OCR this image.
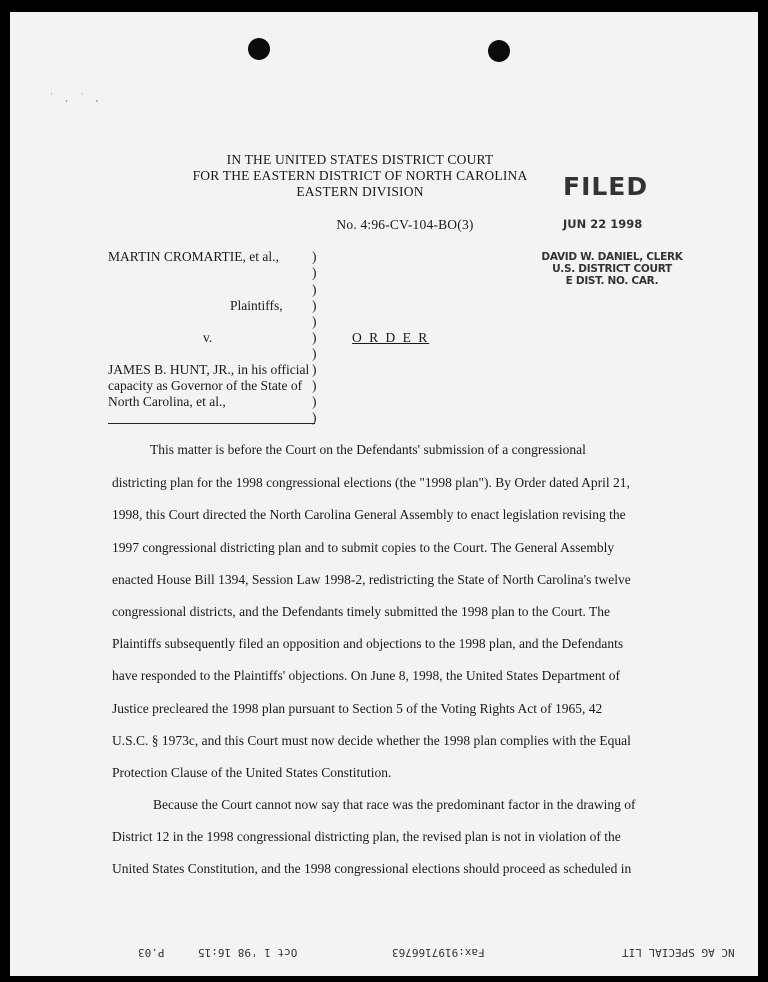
˙ ˛ ˙ ˛
IN THE UNITED STATES DISTRICT COURT
FOR THE EASTERN DISTRICT OF NORTH CAROLINA
EASTERN DIVISION
No. 4:96-CV-104-BO(3)
FILED
JUN 22 1998
DAVID W. DANIEL, CLERK
U.S. DISTRICT COURT
E DIST. NO. CAR.
MARTIN CROMARTIE, et al.,
Plaintiffs,
v.
JAMES B. HUNT, JR., in his official
capacity as Governor of the State of
North Carolina, et al.,
)
)
)
)
)
)
)
)
)
)
)
O R D E R
This matter is before the Court on the Defendants' submission of a congressional
districting plan for the 1998 congressional elections (the "1998 plan"). By Order dated April 21,
1998, this Court directed the North Carolina General Assembly to enact legislation revising the
1997 congressional districting plan and to submit copies to the Court. The General Assembly
enacted House Bill 1394, Session Law 1998-2, redistricting the State of North Carolina's twelve
congressional districts, and the Defendants timely submitted the 1998 plan to the Court. The
Plaintiffs subsequently filed an opposition and objections to the 1998 plan, and the Defendants
have responded to the Plaintiffs' objections. On June 8, 1998, the United States Department of
Justice precleared the 1998 plan pursuant to Section 5 of the Voting Rights Act of 1965, 42
U.S.C. § 1973c, and this Court must now decide whether the 1998 plan complies with the Equal
Protection Clause of the United States Constitution.
Because the Court cannot now say that race was the predominant factor in the drawing of
District 12 in the 1998 congressional districting plan, the revised plan is not in violation of the
United States Constitution, and the 1998 congressional elections should proceed as scheduled in
P.03	Oct 1 '98 16:15	Fax:9197166763	NC AG SPECIAL LIT
